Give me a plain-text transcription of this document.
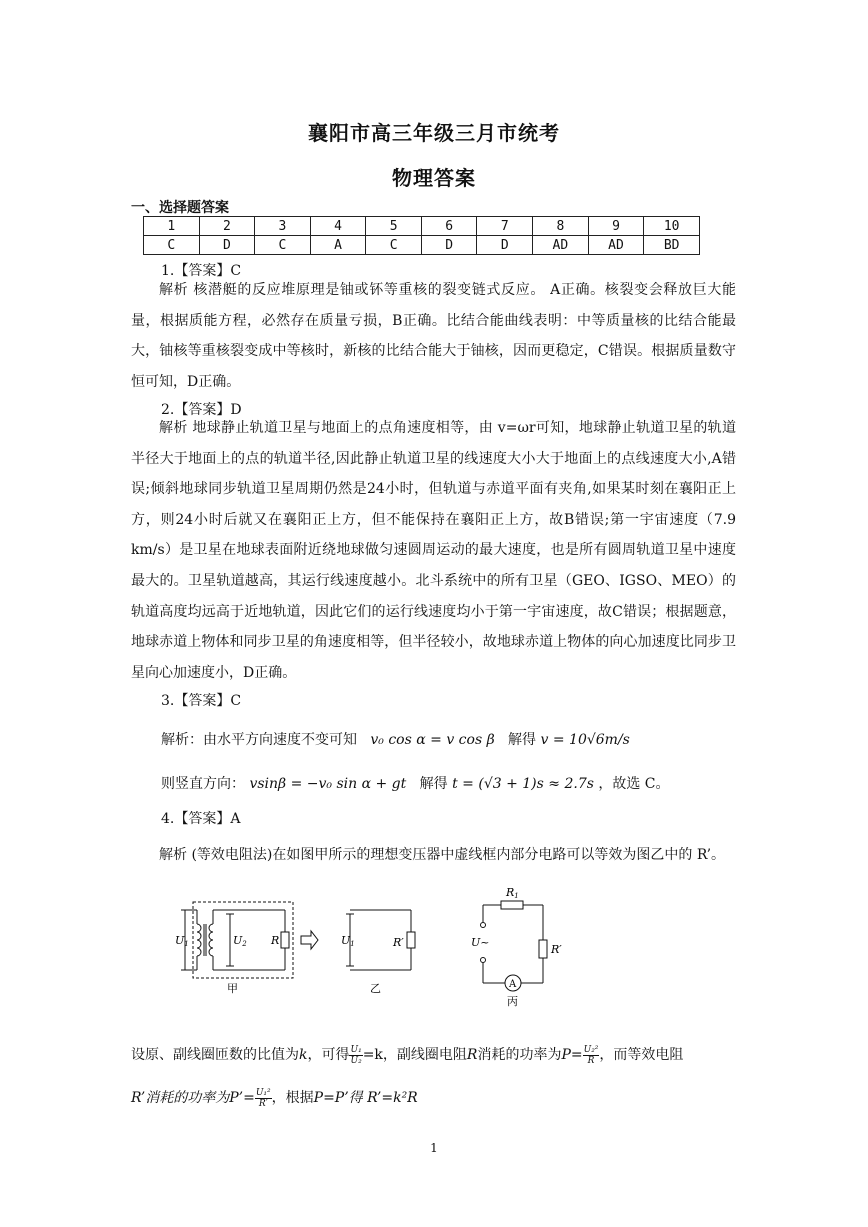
襄阳市高三年级三月市统考
物理答案
一、选择题答案
1	2	3	4	5	6	7	8	9	10
C	D	C	A	C	D	D	AD	AD	BD
1.【答案】C
解析 核潜艇的反应堆原理是铀或钚等重核的裂变链式反应。 A正确。核裂变会释放巨大能量，根据质能方程，必然存在质量亏损，B正确。比结合能曲线表明：中等质量核的比结合能最大，铀核等重核裂变成中等核时，新核的比结合能大于铀核，因而更稳定，C错误。根据质量数守恒可知，D正确。
2.【答案】D
解析 地球静止轨道卫星与地面上的点角速度相等，由 v=ωr可知，地球静止轨道卫星的轨道半径大于地面上的点的轨道半径,因此静止轨道卫星的线速度大小大于地面上的点线速度大小,A错误;倾斜地球同步轨道卫星周期仍然是24小时，但轨道与赤道平面有夹角,如果某时刻在襄阳正上方，则24小时后就又在襄阳正上方，但不能保持在襄阳正上方，故B错误;第一宇宙速度（7.9 km/s）是卫星在地球表面附近绕地球做匀速圆周运动的最大速度，也是所有圆周轨道卫星中速度最大的。卫星轨道越高，其运行线速度越小。北斗系统中的所有卫星（GEO、IGSO、MEO）的轨道高度均远高于近地轨道，因此它们的运行线速度均小于第一宇宙速度，故C错误；根据题意，地球赤道上物体和同步卫星的角速度相等，但半径较小，故地球赤道上物体的向心加速度比同步卫星向心加速度小，D正确。
3.【答案】C
解析：由水平方向速度不变可知 v₀ cos α = v cos β 解得 v = 10√6m/s
则竖直方向： vsinβ = −v₀ sin α + gt 解得 t = (√3 + 1)s ≈ 2.7s ，故选 C。
4.【答案】A
解析 (等效电阻法)在如图甲所示的理想变压器中虚线框内部分电路可以等效为图乙中的 R’。
U1	U2 R
甲
U1	R′
乙
R1
U~
R′
A
丙
设原、副线圈匝数的比值为k，可得 $\frac{\text{U₁}}{\text{U₂}} =k$，副线圈电阻R消耗的功率为$P= \frac{\text{U₂²}}{R}$ ，而等效电阻
R’消耗的功率为P’= $\frac{\text{U₁²}}{R'}$ ，根据P=P’得 R’=k²R
1
